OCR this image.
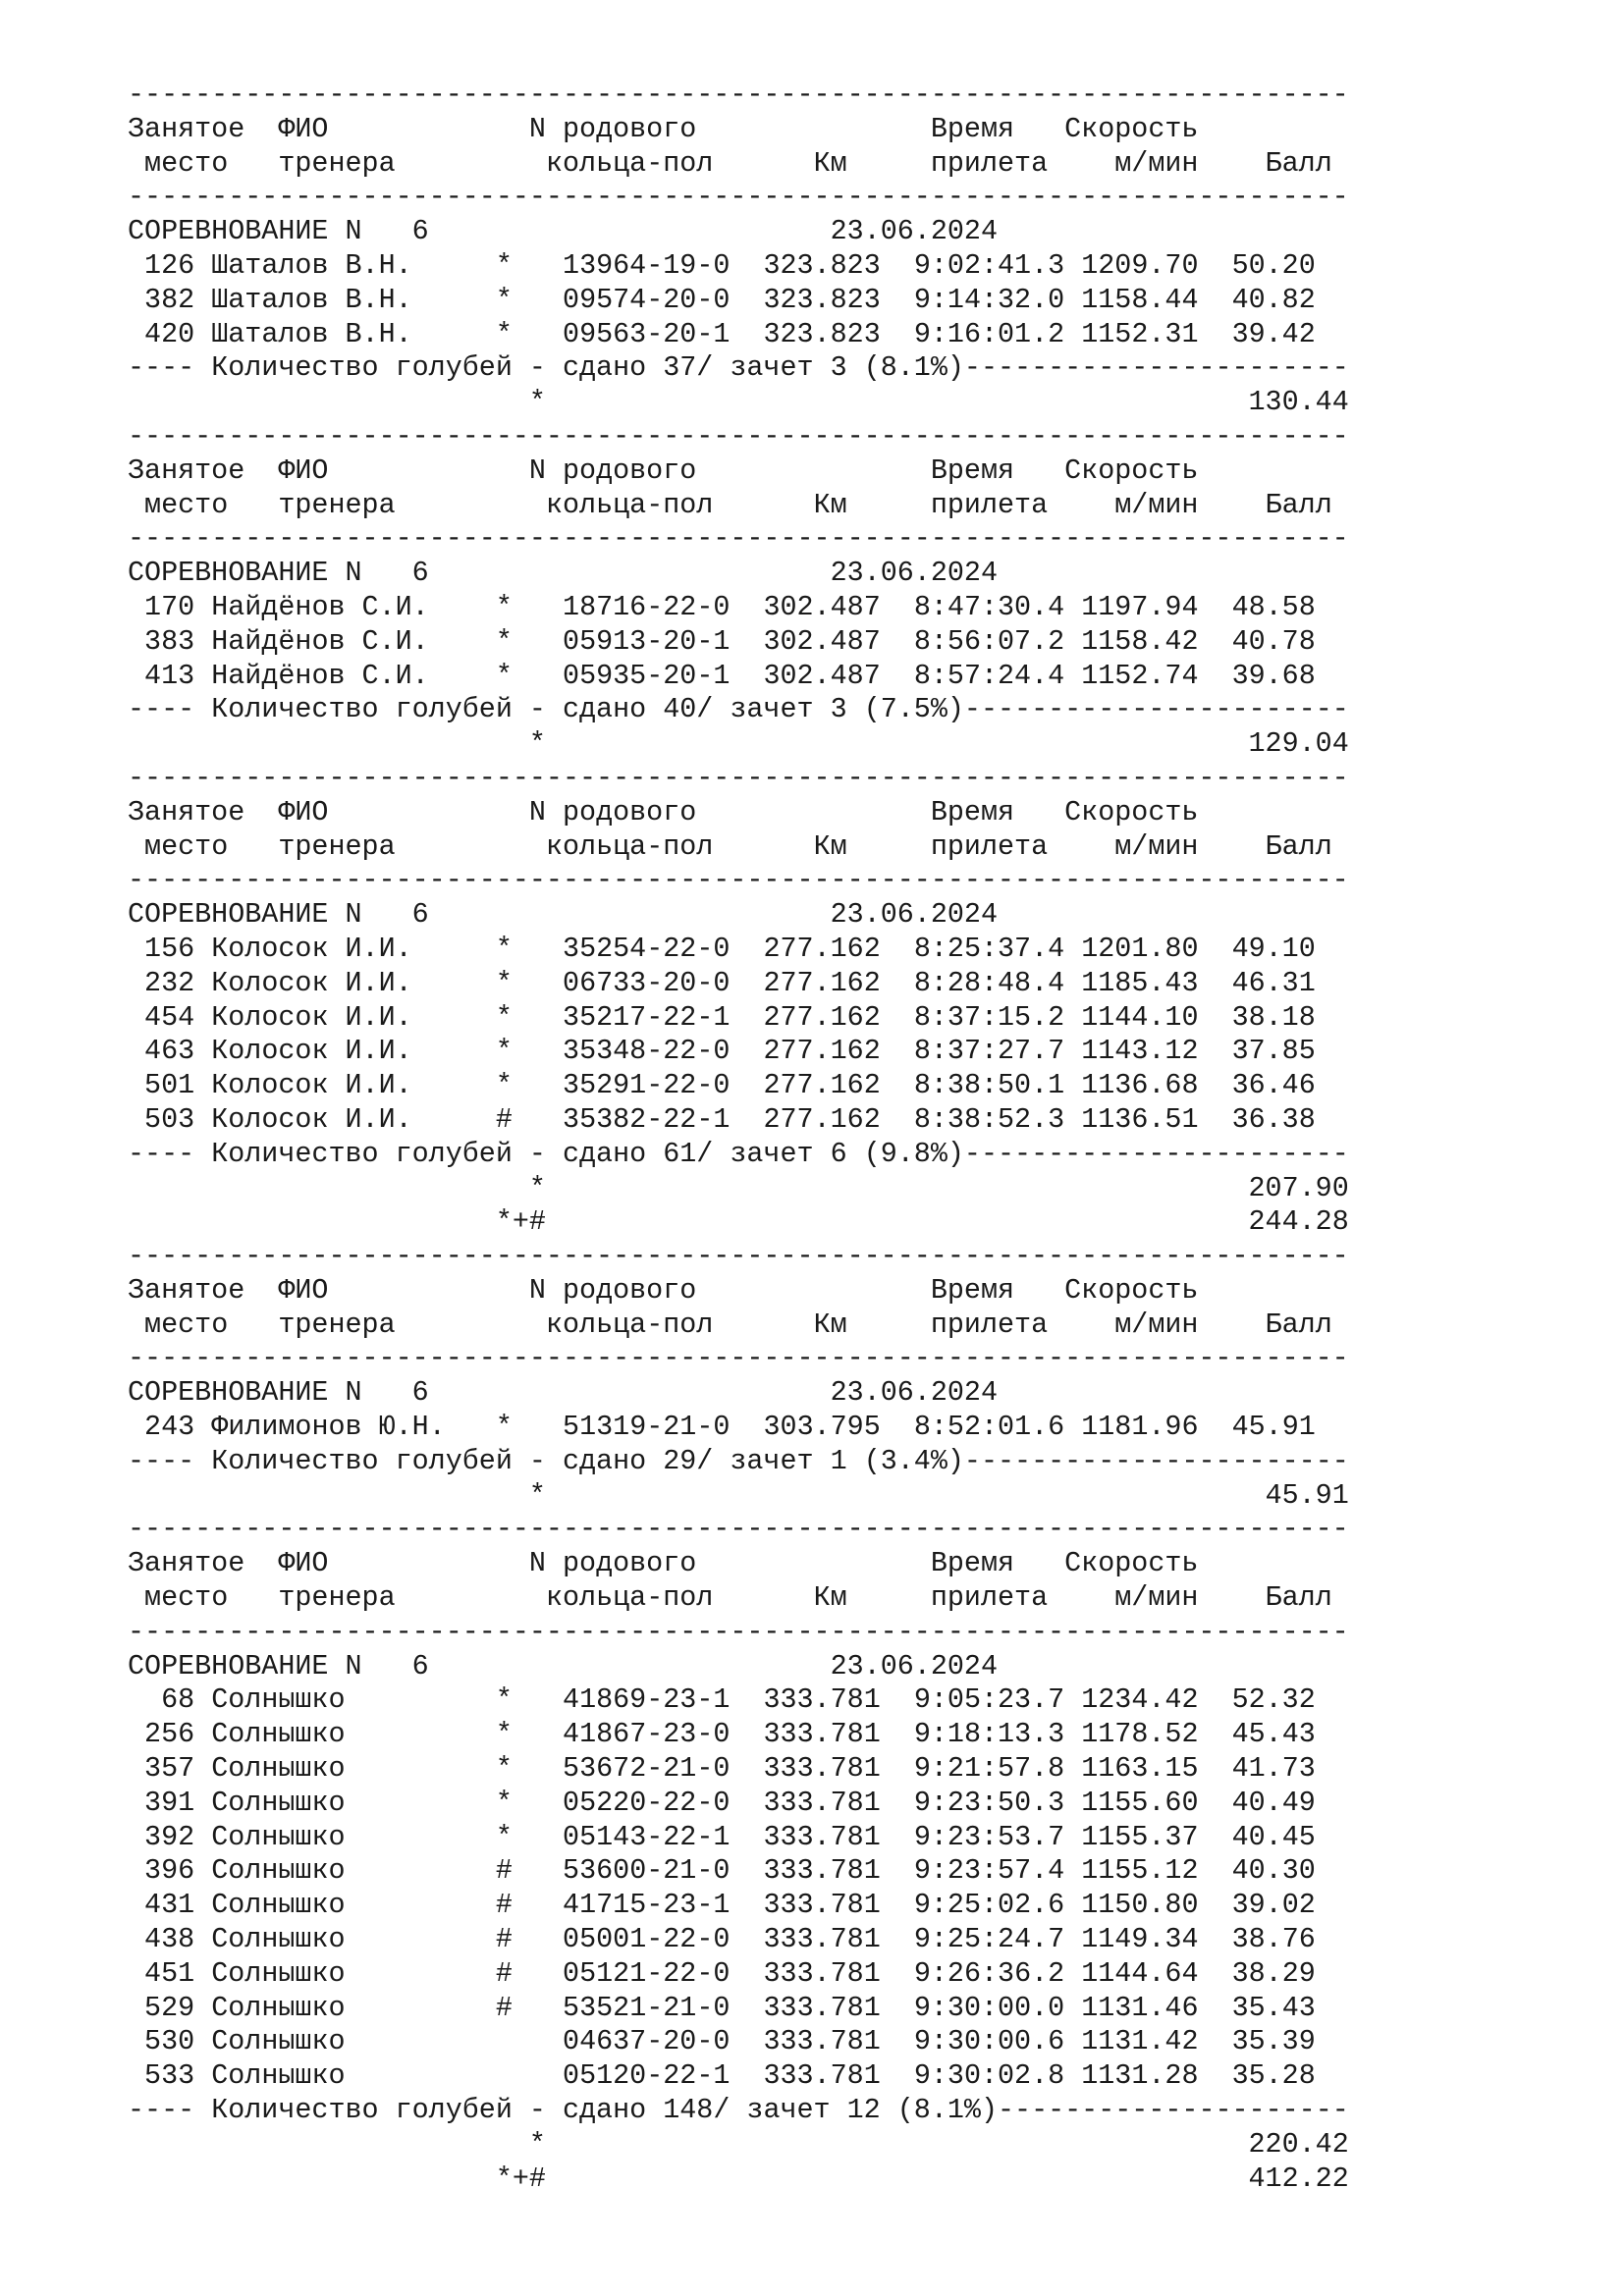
-------------------------------------------------------------------------
Занятое ФИО	N родового	Время Скорость
место тренера	кольца-пол	Км	прилета м/мин Балл
-------------------------------------------------------------------------
СОРЕВНОВАНИЕ N 6	23.06.2024
126 Шаталов В.Н.	* 13964-19-0 323.823 9:02:41.3 1209.70 50.20
382 Шаталов В.Н.	* 09574-20-0 323.823 9:14:32.0 1158.44 40.82
420 Шаталов В.Н.	* 09563-20-1 323.823 9:16:01.2 1152.31 39.42
---- Количество голубей - сдано 37/ зачет 3 (8.1%)-----------------------
*	130.44
-------------------------------------------------------------------------
Занятое ФИО	N родового	Время Скорость
место тренера	кольца-пол	Км	прилета м/мин Балл
-------------------------------------------------------------------------
СОРЕВНОВАНИЕ N 6	23.06.2024
170 Найдёнов С.И. * 18716-22-0 302.487 8:47:30.4 1197.94 48.58
383 Найдёнов С.И. * 05913-20-1 302.487 8:56:07.2 1158.42 40.78
413 Найдёнов С.И. * 05935-20-1 302.487 8:57:24.4 1152.74 39.68
---- Количество голубей - сдано 40/ зачет 3 (7.5%)-----------------------
*	129.04
-------------------------------------------------------------------------
Занятое ФИО	N родового	Время Скорость
место тренера	кольца-пол	Км	прилета м/мин Балл
-------------------------------------------------------------------------
СОРЕВНОВАНИЕ N 6	23.06.2024
156 Колосок И.И.	* 35254-22-0 277.162 8:25:37.4 1201.80 49.10
232 Колосок И.И.	* 06733-20-0 277.162 8:28:48.4 1185.43 46.31
454 Колосок И.И.	* 35217-22-1 277.162 8:37:15.2 1144.10 38.18
463 Колосок И.И.	* 35348-22-0 277.162 8:37:27.7 1143.12 37.85
501 Колосок И.И.	* 35291-22-0 277.162 8:38:50.1 1136.68 36.46
503 Колосок И.И.	# 35382-22-1 277.162 8:38:52.3 1136.51 36.38
---- Количество голубей - сдано 61/ зачет 6 (9.8%)-----------------------
*	207.90
*+#	244.28
-------------------------------------------------------------------------
Занятое ФИО	N родового	Время Скорость
место тренера	кольца-пол	Км	прилета м/мин Балл
-------------------------------------------------------------------------
СОРЕВНОВАНИЕ N 6	23.06.2024
243 Филимонов Ю.Н. * 51319-21-0 303.795 8:52:01.6 1181.96 45.91
---- Количество голубей - сдано 29/ зачет 1 (3.4%)-----------------------
*	45.91
-------------------------------------------------------------------------
Занятое ФИО	N родового	Время Скорость
место тренера	кольца-пол	Км	прилета м/мин Балл
-------------------------------------------------------------------------
СОРЕВНОВАНИЕ N 6	23.06.2024
68 Солнышко	* 41869-23-1 333.781 9:05:23.7 1234.42 52.32
256 Солнышко	* 41867-23-0 333.781 9:18:13.3 1178.52 45.43
357 Солнышко	* 53672-21-0 333.781 9:21:57.8 1163.15 41.73
391 Солнышко	* 05220-22-0 333.781 9:23:50.3 1155.60 40.49
392 Солнышко	* 05143-22-1 333.781 9:23:53.7 1155.37 40.45
396 Солнышко	# 53600-21-0 333.781 9:23:57.4 1155.12 40.30
431 Солнышко	# 41715-23-1 333.781 9:25:02.6 1150.80 39.02
438 Солнышко	# 05001-22-0 333.781 9:25:24.7 1149.34 38.76
451 Солнышко	# 05121-22-0 333.781 9:26:36.2 1144.64 38.29
529 Солнышко	# 53521-21-0 333.781 9:30:00.0 1131.46 35.43
530 Солнышко	04637-20-0 333.781 9:30:00.6 1131.42 35.39
533 Солнышко	05120-22-1 333.781 9:30:02.8 1131.28 35.28
---- Количество голубей - сдано 148/ зачет 12 (8.1%)---------------------
*	220.42
*+#	412.22
